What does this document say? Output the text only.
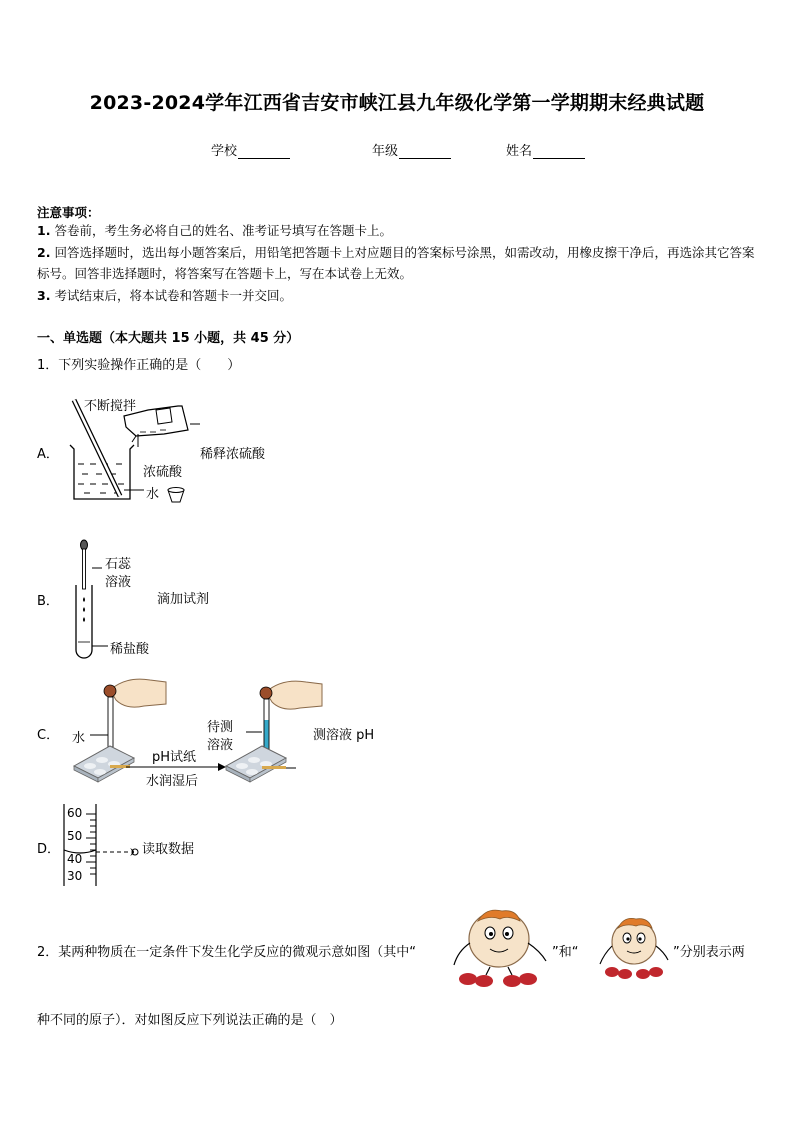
2023-2024学年江西省吉安市峡江县九年级化学第一学期期末经典试题
学校	年级	姓名
注意事项：
1. 答卷前，考生务必将自己的姓名、准考证号填写在答题卡上。
2. 回答选择题时，选出每小题答案后，用铅笔把答题卡上对应题目的答案标号涂黑，如需改动，用橡皮擦干净后，再选涂其它答案标号。回答非选择题时，将答案写在答题卡上，写在本试卷上无效。
3. 考试结束后，将本试卷和答题卡一并交回。
一、单选题（本大题共 15 小题，共 45 分）
1．下列实验操作正确的是（　　）
A．
不断搅拌
稀释浓硫酸
浓硫酸
水
B．
石蕊
溶液
滴加试剂
稀盐酸
C． 水
pH试纸
水润湿后
待测
溶液
测溶液 pH
D．
60
50
40
30
读取数据
2．某两种物质在一定条件下发生化学反应的微观示意如图（其中“	”和“	”分别表示两
种不同的原子）．对如图反应下列说法正确的是（　）
